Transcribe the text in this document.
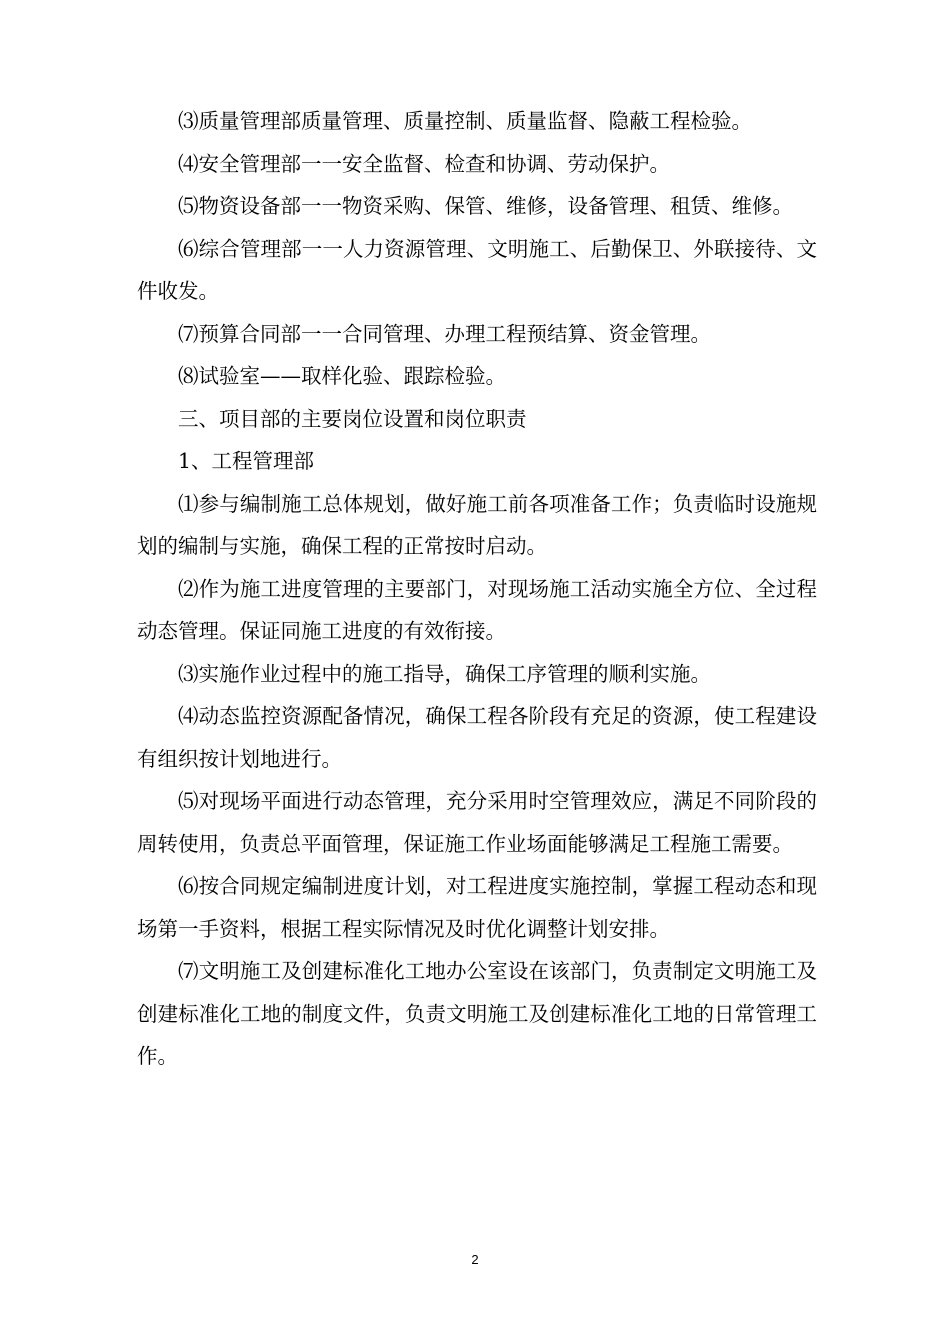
⑶质量管理部质量管理、质量控制、质量监督、隐蔽工程检验。

⑷安全管理部一一安全监督、检查和协调、劳动保护。

⑸物资设备部一一物资采购、保管、维修，设备管理、租赁、维修。

⑹综合管理部一一人力资源管理、文明施工、后勤保卫、外联接待、文件收发。

⑺预算合同部一一合同管理、办理工程预结算、资金管理。

⑻试验室——取样化验、跟踪检验。

三、项目部的主要岗位设置和岗位职责

1、工程管理部

⑴参与编制施工总体规划，做好施工前各项准备工作；负责临时设施规划的编制与实施，确保工程的正常按时启动。

⑵作为施工进度管理的主要部门，对现场施工活动实施全方位、全过程动态管理。保证同施工进度的有效衔接。

⑶实施作业过程中的施工指导，确保工序管理的顺利实施。

⑷动态监控资源配备情况，确保工程各阶段有充足的资源，使工程建设有组织按计划地进行。

⑸对现场平面进行动态管理，充分采用时空管理效应，满足不同阶段的周转使用，负责总平面管理，保证施工作业场面能够满足工程施工需要。

⑹按合同规定编制进度计划，对工程进度实施控制，掌握工程动态和现场第一手资料，根据工程实际情况及时优化调整计划安排。

⑺文明施工及创建标准化工地办公室设在该部门，负责制定文明施工及创建标准化工地的制度文件，负责文明施工及创建标准化工地的日常管理工作。

2
